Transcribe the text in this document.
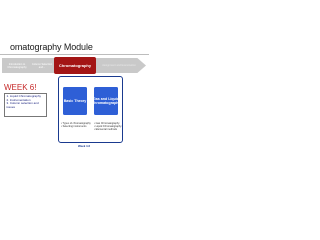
omatography Module
Introduction to Chromatography
Column Selection and...	Chromatography	Assignment and Examination
WEEK 6!
1. Liquid Chromatography
2. Instrumentation
3. Column selection and
issues
Basic Theory Gas and Liquid Chromatography
• Types of chromatography
• Selecting instruments
• Gas Chromatography
• Liquid Chromatography
• Elemental methods
Week 4-6
